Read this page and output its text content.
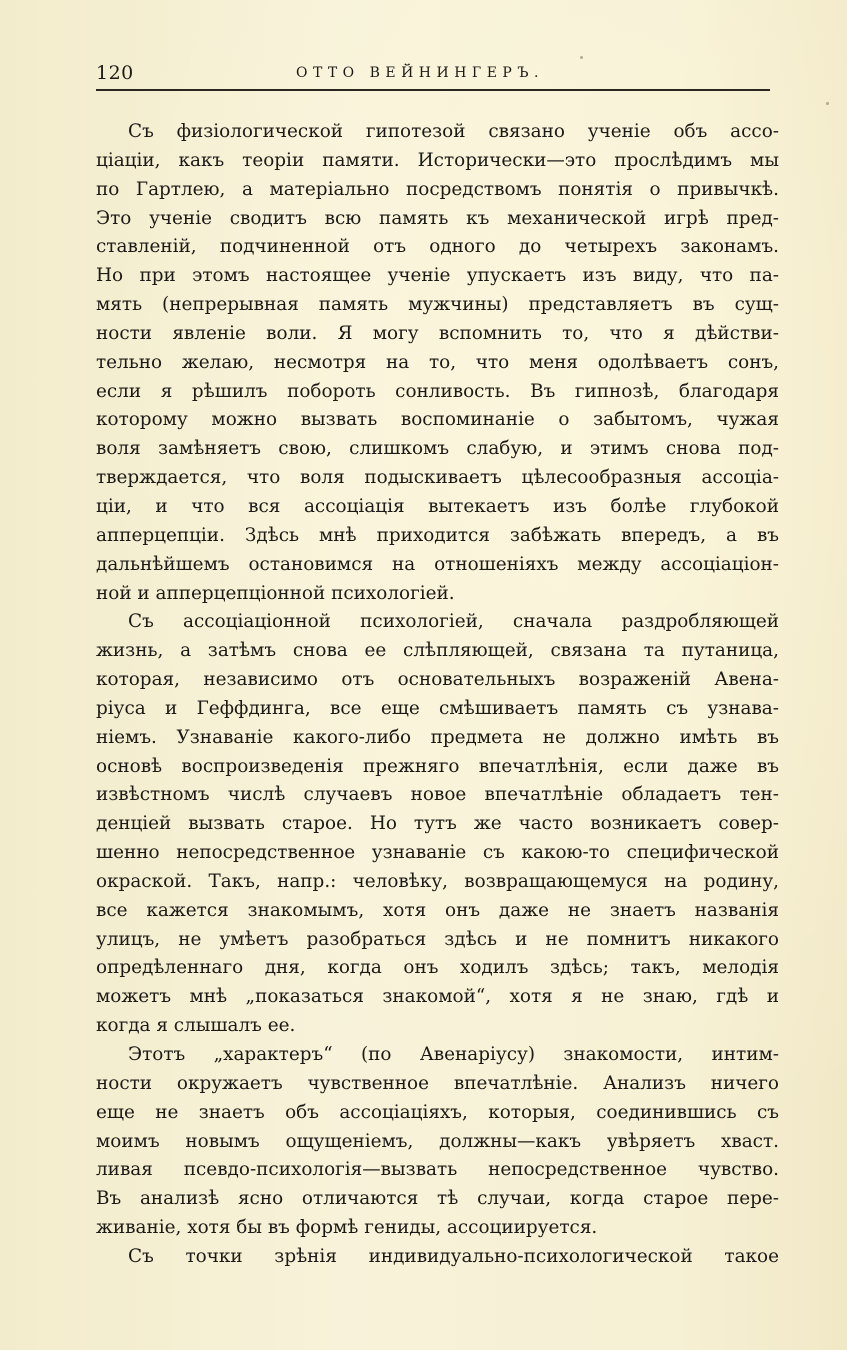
120	ОТТО ВЕЙНИНГЕРЪ.
Съ физіологической гипотезой связано ученіе объ ассо-
ціаціи, какъ теоріи памяти. Исторически—это прослѣдимъ мы
по Гартлею, а матеріально посредствомъ понятія о привычкѣ.
Это ученіе сводитъ всю память къ механической игрѣ пред-
ставленій, подчиненной отъ одного до четырехъ законамъ.
Но при этомъ настоящее ученіе упускаетъ изъ виду, что па-
мять (непрерывная память мужчины) представляетъ въ сущ-
ности явленіе воли. Я могу вспомнить то, что я дѣйстви-
тельно желаю, несмотря на то, что меня одолѣваетъ сонъ,
если я рѣшилъ побороть сонливость. Въ гипнозѣ, благодаря
которому можно вызвать воспоминаніе о забытомъ, чужая
воля замѣняетъ свою, слишкомъ слабую, и этимъ снова под-
тверждается, что воля подыскиваетъ цѣлесообразныя ассоціа-
ціи, и что вся ассоціація вытекаетъ изъ болѣе глубокой
апперцепціи. Здѣсь мнѣ приходится забѣжать впередъ, а въ
дальнѣйшемъ остановимся на отношеніяхъ между ассоціаціон-
ной и апперцепціонной психологіей.
Съ ассоціаціонной психологіей, сначала раздробляющей
жизнь, а затѣмъ снова ее слѣпляющей, связана та путаница,
которая, независимо отъ основательныхъ возраженій Авена-
ріуса и Геффдинга, все еще смѣшиваетъ память съ узнава-
ніемъ. Узнаваніе какого-либо предмета не должно имѣть въ
основѣ воспроизведенія прежняго впечатлѣнія, если даже въ
извѣстномъ числѣ случаевъ новое впечатлѣніе обладаетъ тен-
денціей вызвать старое. Но тутъ же часто возникаетъ совер-
шенно непосредственное узнаваніе съ какою-то специфической
окраской. Такъ, напр.: человѣку, возвращающемуся на родину,
все кажется знакомымъ, хотя онъ даже не знаетъ названія
улицъ, не умѣетъ разобраться здѣсь и не помнитъ никакого
опредѣленнаго дня, когда онъ ходилъ здѣсь; такъ, мелодія
можетъ мнѣ „показаться знакомой“, хотя я не знаю, гдѣ и
когда я слышалъ ее.
Этотъ „характеръ“ (по Авенаріусу) знакомости, интим-
ности окружаетъ чувственное впечатлѣніе. Анализъ ничего
еще не знаетъ объ ассоціаціяхъ, которыя, соединившись съ
моимъ новымъ ощущеніемъ, должны—какъ увѣряетъ хваст.
ливая псевдо-психологія—вызвать непосредственное чувство.
Въ анализѣ ясно отличаются тѣ случаи, когда старое пере-
живаніе, хотя бы въ формѣ гениды, ассоциируется.
Съ точки зрѣнія индивидуально-психологической такое
